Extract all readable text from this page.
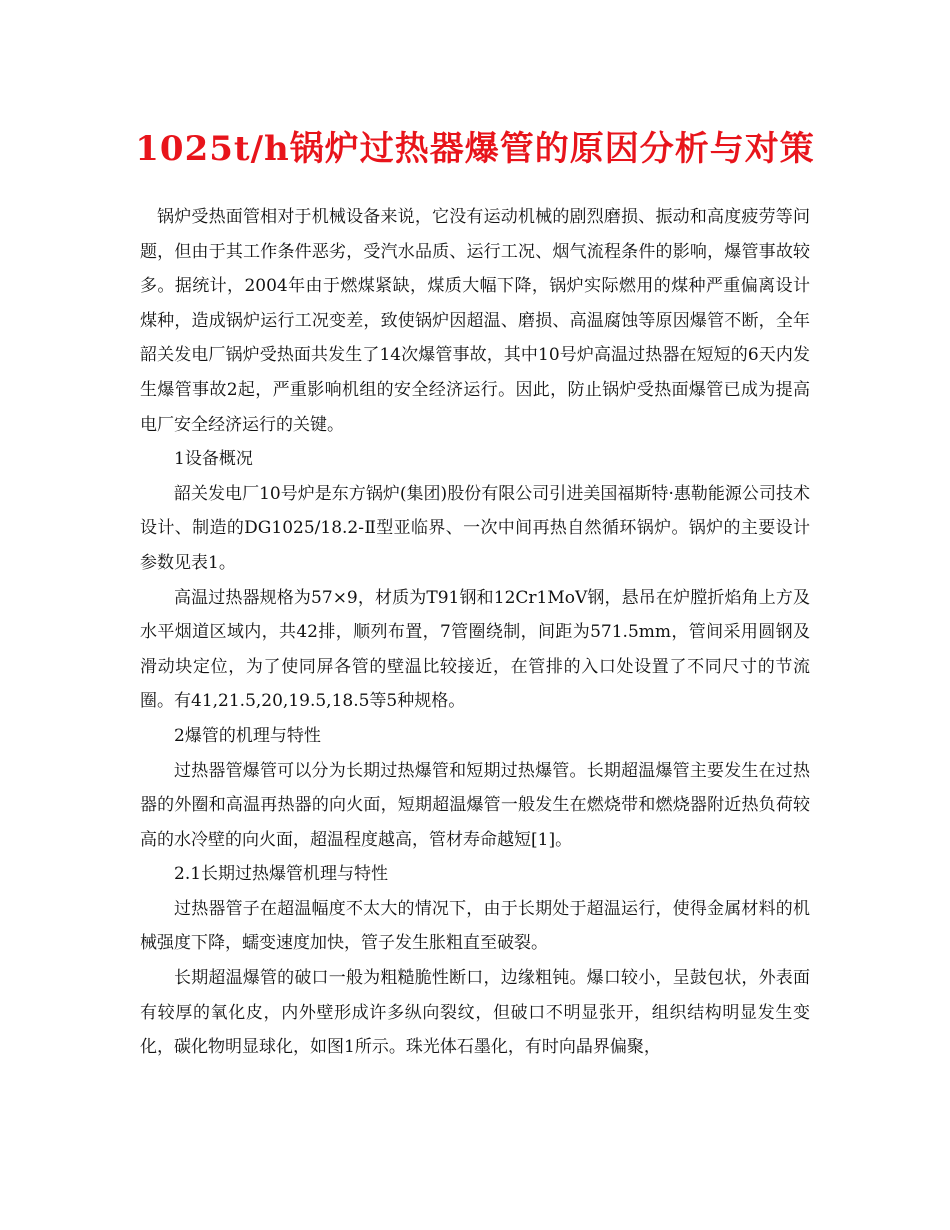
1025t/h锅炉过热器爆管的原因分析与对策

锅炉受热面管相对于机械设备来说，它没有运动机械的剧烈磨损、振动和高度疲劳等问题，但由于其工作条件恶劣，受汽水品质、运行工况、烟气流程条件的影响，爆管事故较多。据统计，2004年由于燃煤紧缺，煤质大幅下降，锅炉实际燃用的煤种严重偏离设计煤种，造成锅炉运行工况变差，致使锅炉因超温、磨损、高温腐蚀等原因爆管不断，全年韶关发电厂锅炉受热面共发生了14次爆管事故，其中10号炉高温过热器在短短的6天内发生爆管事故2起，严重影响机组的安全经济运行。因此，防止锅炉受热面爆管已成为提高电厂安全经济运行的关键。

1设备概况

韶关发电厂10号炉是东方锅炉(集团)股份有限公司引进美国福斯特·惠勒能源公司技术设计、制造的DG1025/18.2-Ⅱ型亚临界、一次中间再热自然循环锅炉。锅炉的主要设计参数见表1。

高温过热器规格为57×9，材质为T91钢和12Cr1MoV钢，悬吊在炉膛折焰角上方及水平烟道区域内，共42排，顺列布置，7管圈绕制，间距为571.5mm，管间采用圆钢及滑动块定位，为了使同屏各管的壁温比较接近，在管排的入口处设置了不同尺寸的节流圈。有41,21.5,20,19.5,18.5等5种规格。

2爆管的机理与特性

过热器管爆管可以分为长期过热爆管和短期过热爆管。长期超温爆管主要发生在过热器的外圈和高温再热器的向火面，短期超温爆管一般发生在燃烧带和燃烧器附近热负荷较高的水冷壁的向火面，超温程度越高，管材寿命越短[1]。

2.1长期过热爆管机理与特性

过热器管子在超温幅度不太大的情况下，由于长期处于超温运行，使得金属材料的机械强度下降，蠕变速度加快，管子发生胀粗直至破裂。

长期超温爆管的破口一般为粗糙脆性断口，边缘粗钝。爆口较小，呈鼓包状，外表面有较厚的氧化皮，内外壁形成许多纵向裂纹，但破口不明显张开，组织结构明显发生变化，碳化物明显球化，如图1所示。珠光体石墨化，有时向晶界偏聚，
